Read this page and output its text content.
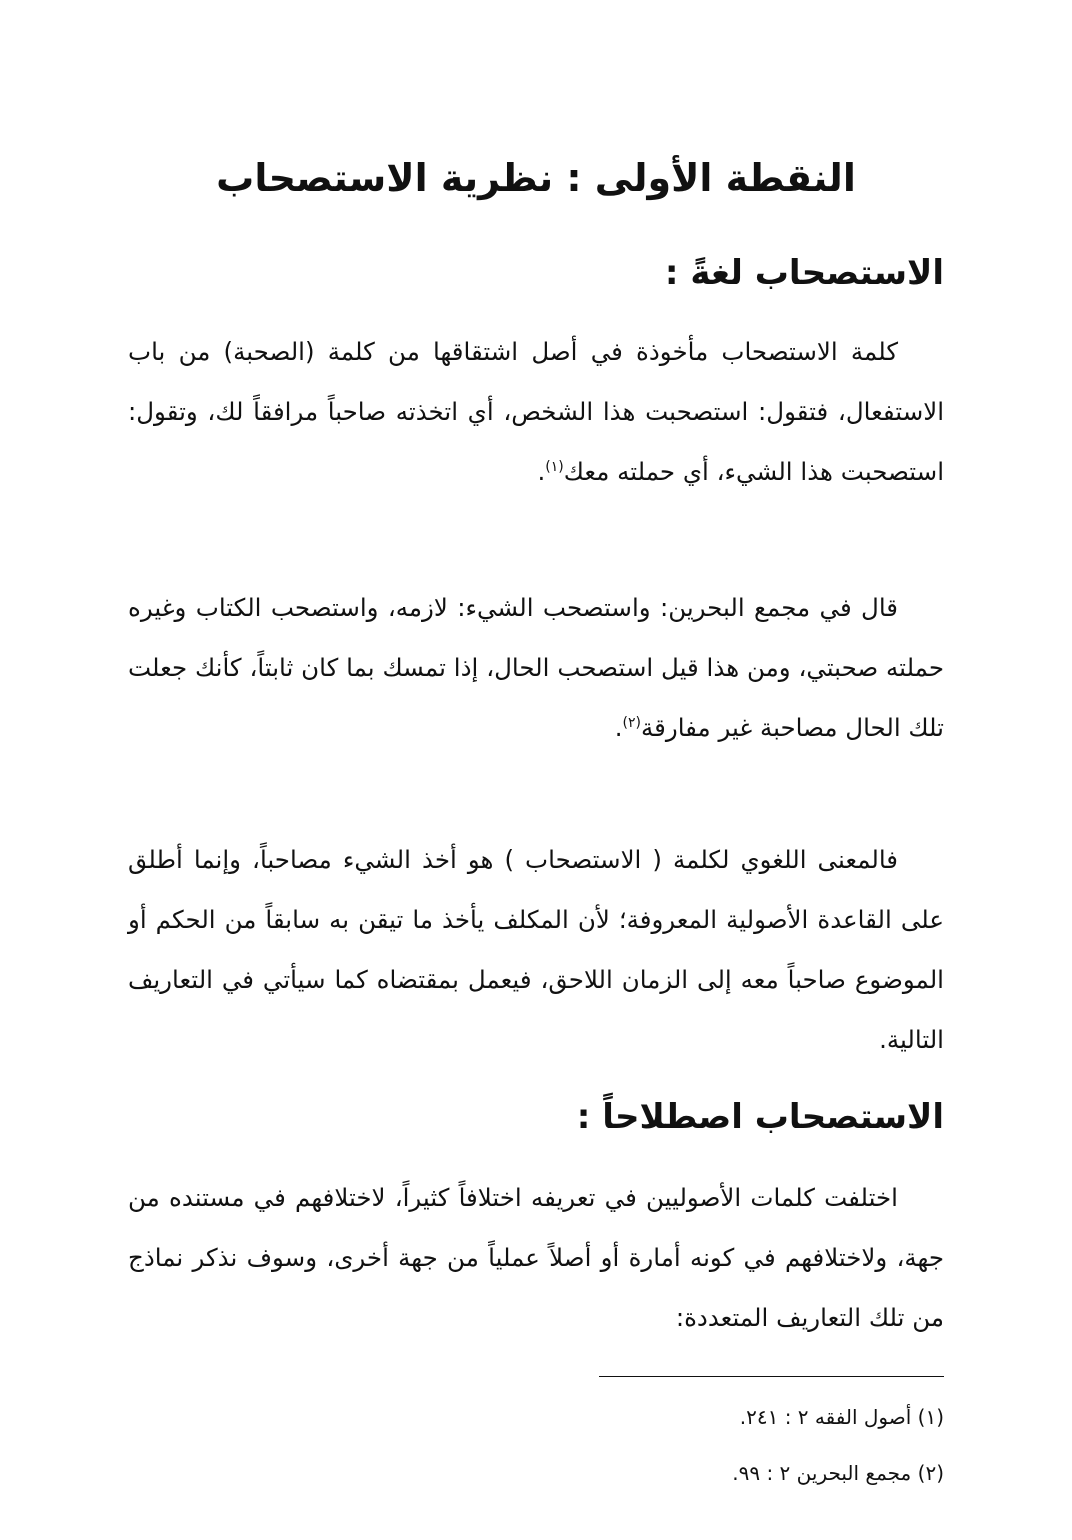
النقطة الأولى : نظرية الاستصحاب
الاستصحاب لغةً :

كلمة الاستصحاب مأخوذة في أصل اشتقاقها من كلمة (الصحبة) من باب الاستفعال، فتقول: استصحبت هذا الشخص، أي اتخذته صاحباً مرافقاً لك، وتقول: استصحبت هذا الشيء، أي حملته معك$^{(١)}$.

قال في مجمع البحرين: واستصحب الشيء: لازمه، واستصحب الكتاب وغيره حملته صحبتي، ومن هذا قيل استصحب الحال، إذا تمسك بما كان ثابتاً، كأنك جعلت تلك الحال مصاحبة غير مفارقة$^{(٢)}$.

فالمعنى اللغوي لكلمة ( الاستصحاب ) هو أخذ الشيء مصاحباً، وإنما أطلق على القاعدة الأصولية المعروفة؛ لأن المكلف يأخذ ما تيقن به سابقاً من الحكم أو الموضوع صاحباً معه إلى الزمان اللاحق، فيعمل بمقتضاه كما سيأتي في التعاريف التالية.

الاستصحاب اصطلاحاً :

اختلفت كلمات الأصوليين في تعريفه اختلافاً كثيراً، لاختلافهم في مستنده من جهة، ولاختلافهم في كونه أمارة أو أصلاً عملياً من جهة أخرى، وسوف نذكر نماذج من تلك التعاريف المتعددة:

(١) أصول الفقه ٢ : ٢٤١.

(٢) مجمع البحرين ٢ : ٩٩.
